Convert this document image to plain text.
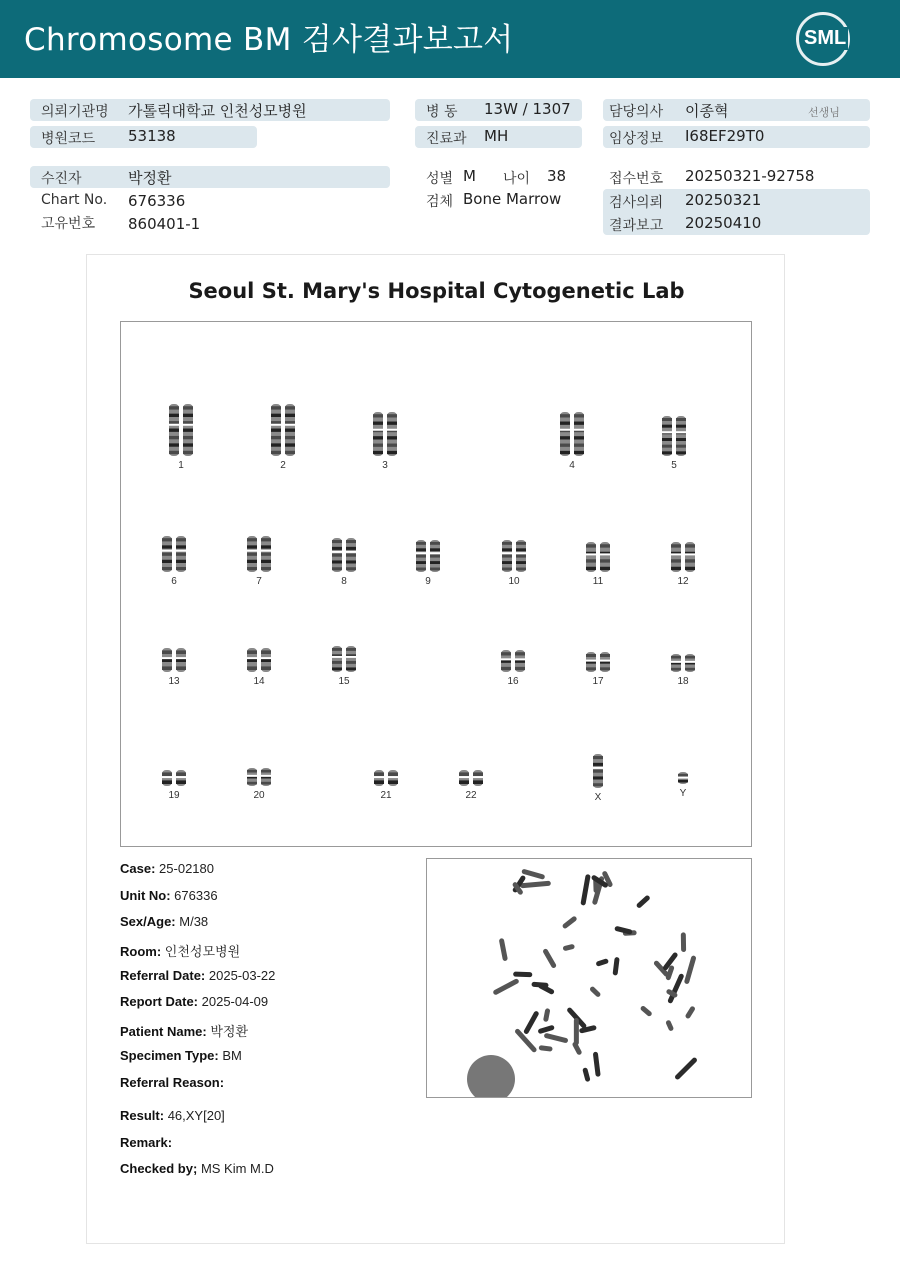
Chromosome BM 검사결과보고서	SML
의뢰기관명 가톨릭대학교 인천성모병원
병원코드 53138
수진자	박정환
Chart No. 676336
고유번호 860401-1
병 동 13W / 1307
진료과 MH
성별 M 나이 38
검체 Bone Marrow
담당의사 이종혁	선생님
임상정보 I68EF29T0
접수번호 20250321-92758
검사의뢰 20250321
결과보고 20250410
Seoul St. Mary's Hospital Cytogenetic Lab
1	2	3	4	5
6	7	8	9	10	11	12
13	14	15	16	17	18
19	20	21	22	X	Y
Case: 25-02180
Unit No: 676336
Sex/Age: M/38
Room: 인천성모병원
Referral Date: 2025-03-22
Report Date: 2025-04-09
Patient Name: 박정환
Specimen Type: BM
Referral Reason:
Result: 46,XY[20]
Remark:
Checked by; MS Kim M.D
